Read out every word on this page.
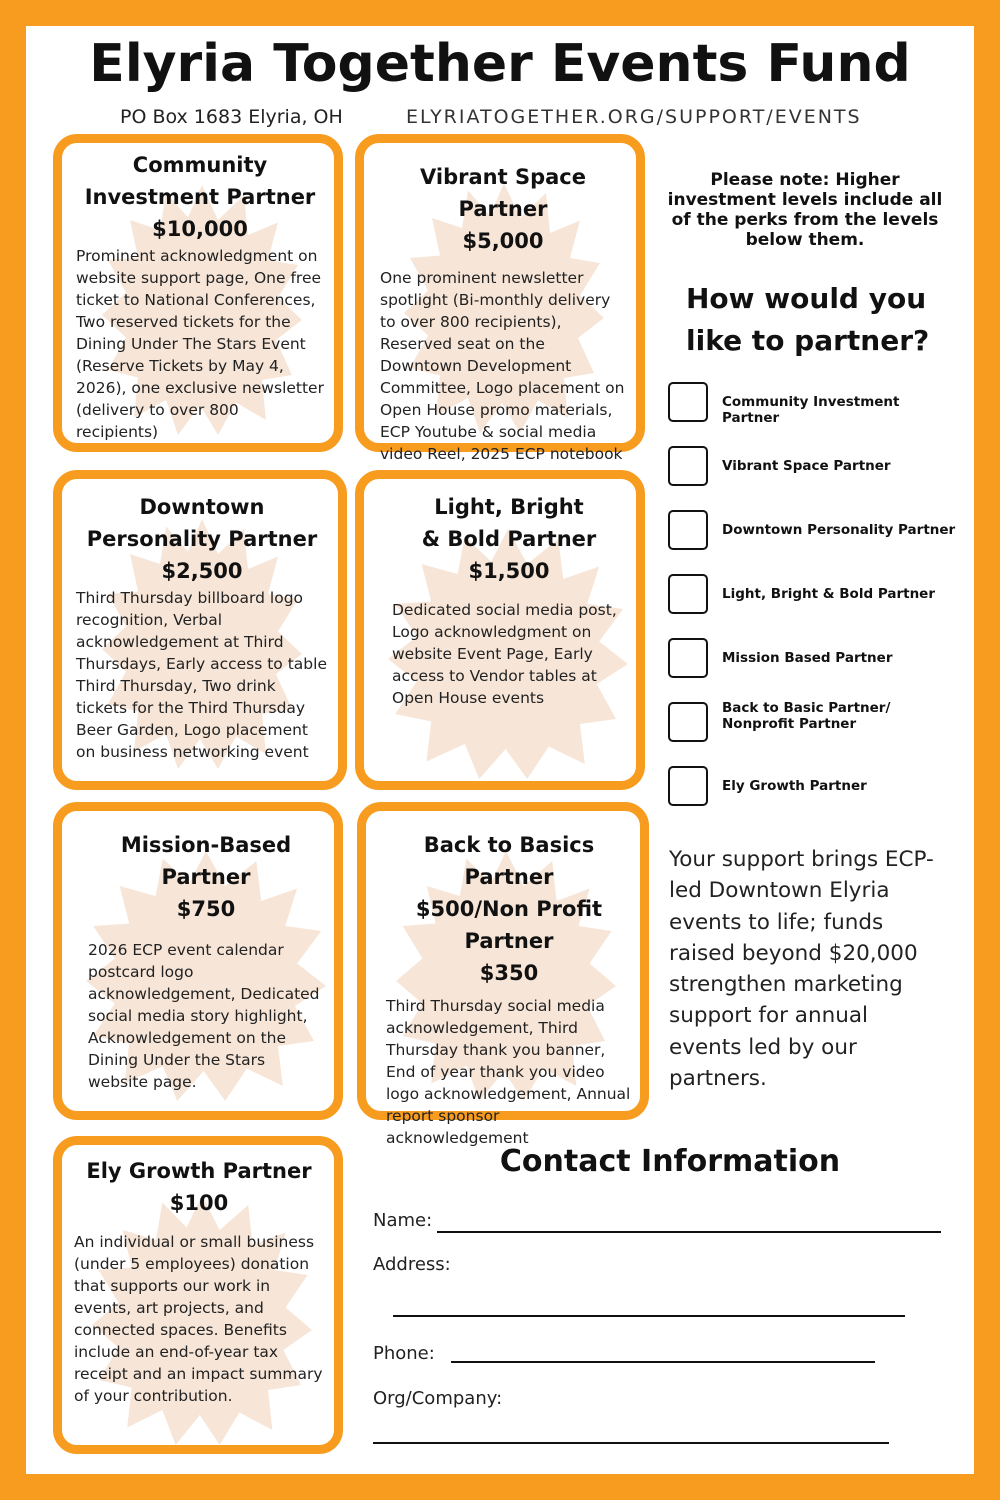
Elyria Together Events Fund
PO Box 1683 Elyria, OH	ELYRIATOGETHER.ORG/SUPPORT/EVENTS
Community
Investment Partner
$10,000
Prominent acknowledgment on website support page, One free ticket to National Conferences, Two reserved tickets for the Dining Under The Stars Event (Reserve Tickets by May 4, 2026), one exclusive newsletter (delivery to over 800 recipients)
Vibrant Space Partner
$5,000
One prominent newsletter spotlight (Bi-monthly delivery to over 800 recipients), Reserved seat on the Downtown Development Committee, Logo placement on Open House promo materials, ECP Youtube & social media video Reel, 2025 ECP notebook
Downtown
Personality Partner
$2,500
Third Thursday billboard logo recognition, Verbal acknowledgement at Third Thursdays, Early access to table Third Thursday, Two drink tickets for the Third Thursday Beer Garden, Logo placement on business networking event
Light, Bright
& Bold Partner
$1,500
Dedicated social media post, Logo acknowledgment on website Event Page, Early access to Vendor tables at Open House events
Mission-Based Partner
$750
2026 ECP event calendar postcard logo acknowledgement, Dedicated social media story highlight, Acknowledgement on the Dining Under the Stars website page.
Back to Basics Partner
$500/Non Profit Partner
$350
Third Thursday social media acknowledgement, Third Thursday thank you banner, End of year thank you video logo acknowledgement, Annual report sponsor acknowledgement
Ely Growth Partner
$100
An individual or small business (under 5 employees) donation that supports our work in events, art projects, and connected spaces. Benefits include an end-of-year tax receipt and an impact summary of your contribution.
Please note: Higher investment levels include all of the perks from the levels below them.
How would you like to partner?
Community Investment Partner
Vibrant Space Partner
Downtown Personality Partner
Light, Bright & Bold Partner
Mission Based Partner
Back to Basic Partner/
Nonprofit Partner
Ely Growth Partner
Your support brings ECP-led Downtown Elyria events to life; funds raised beyond $20,000 strengthen marketing support for annual events led by our partners.
Contact Information
Name:
Address:
Phone:
Org/Company:
